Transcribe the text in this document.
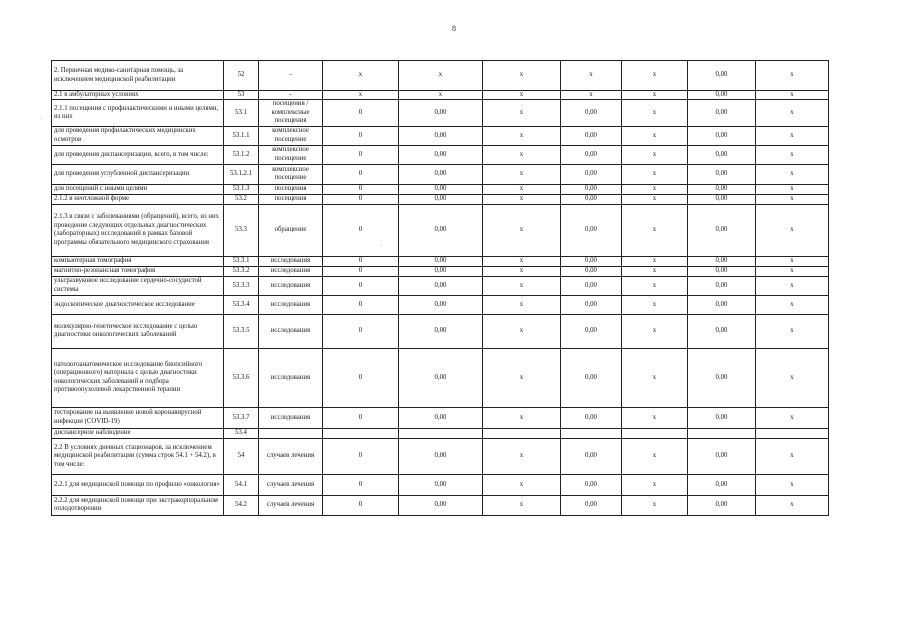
8
2. Первичная медико-санитарная помощь, за исключением медицинской реабилитации	52	-	x	x	x	x	x	0,00	x
2.1 в амбулаторных условиях	53	-	x	x	x	x	x	0,00	x
2.1.1 посещения с профилактическими и иными целями, из них	53.1	посещения / комплексные посещения	0	0,00	x	0,00	x	0,00	x
для проведения профилактических медицинских осмотров	53.1.1	комплексное посещение	0	0,00	x	0,00	x	0,00	x
для проведения диспансеризации, всего, в том числе:	53.1.2	комплексное посещение	0	0,00	x	0,00	x	0,00	x
для проведения углубленной диспансеризации	53.1.2.1	комплексное посещение	0	0,00	x	0,00	x	0,00	x
для посещений с иными целями	53.1.3	посещения	0	0,00	x	0,00	x	0,00	x
2.1.2 в неотложной форме	53.2	посещения	0	0,00	x	0,00	x	0,00	x
2.1.3 в связи с заболеваниями (обращений), всего, из них проведение следующих отдельных диагностических (лабораторных) исследований в рамках базовой программы обязательного медицинского страхования	53.3	обращение	0	0,00	x	0,00	x	0,00	x
компьютерная томография	53.3.1	исследования	0	0,00	x	0,00	x	0,00	x
магнитно-резонансная томография	53.3.2	исследования	0	0,00	x	0,00	x	0,00	x
ультразвуковое исследование сердечно-сосудистой системы	53.3.3	исследования	0	0,00	x	0,00	x	0,00	x
эндоскопическое диагностическое исследование	53.3.4	исследования	0	0,00	x	0,00	x	0,00	x
молекулярно-генетическое исследование с целью диагностики онкологических заболеваний	53.3.5	исследования	0	0,00	x	0,00	x	0,00	x
патологоанатомическое исследование биопсийного (операционного) материала с целью диагностики онкологических заболеваний и подбора противоопухолевой лекарственной терапии	53.3.6	исследования	0	0,00	x	0,00	x	0,00	x
тестирование на выявление новой коронавирусной инфекции (COVID-19)	53.3.7	исследования	0	0,00	x	0,00	x	0,00	x
диспансерное наблюдение	53.4								
2.2 В условиях дневных стационаров, за исключением медицинской реабилитации (сумма строк 54.1 + 54.2), в том числе:	54	случаев лечения	0	0,00	x	0,00	x	0,00	x
2.2.1 для медицинской помощи по профилю «онкология»	54.1	случаев лечения	0	0,00	x	0,00	x	0,00	x
2.2.2 для медицинской помощи при экстракорпоральном оплодотворении	54.2	случаев лечения	0	0,00	x	0,00	x	0,00	x
·
·
